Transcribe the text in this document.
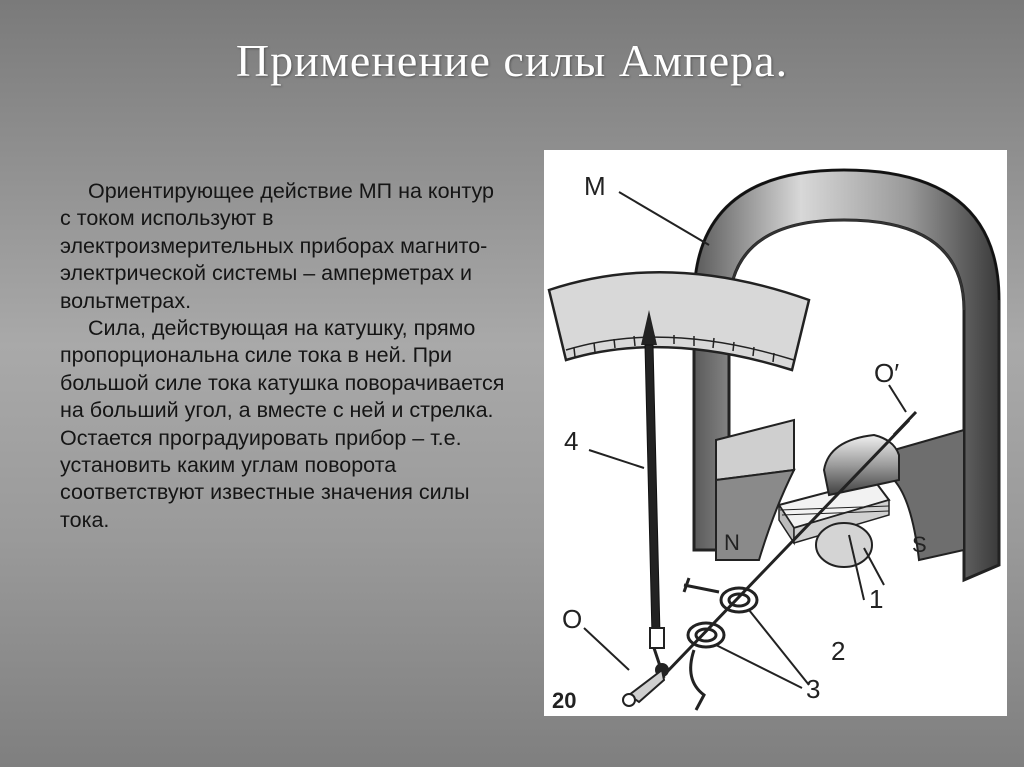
Применение силы Ампера.

Ориентирующее действие МП на контур с током используют в электроизмерительных приборах магнито-электрической системы – амперметрах и вольтметрах.

Сила, действующая на катушку, прямо пропорциональна силе тока в ней. При большой силе тока катушка поворачивается на больший угол, а вместе с ней и стрелка. Остается проградуировать прибор – т.е. установить каким углам поворота соответствуют известные значения силы тока.

M
O′
4
N	S
1
2
O
3
20
